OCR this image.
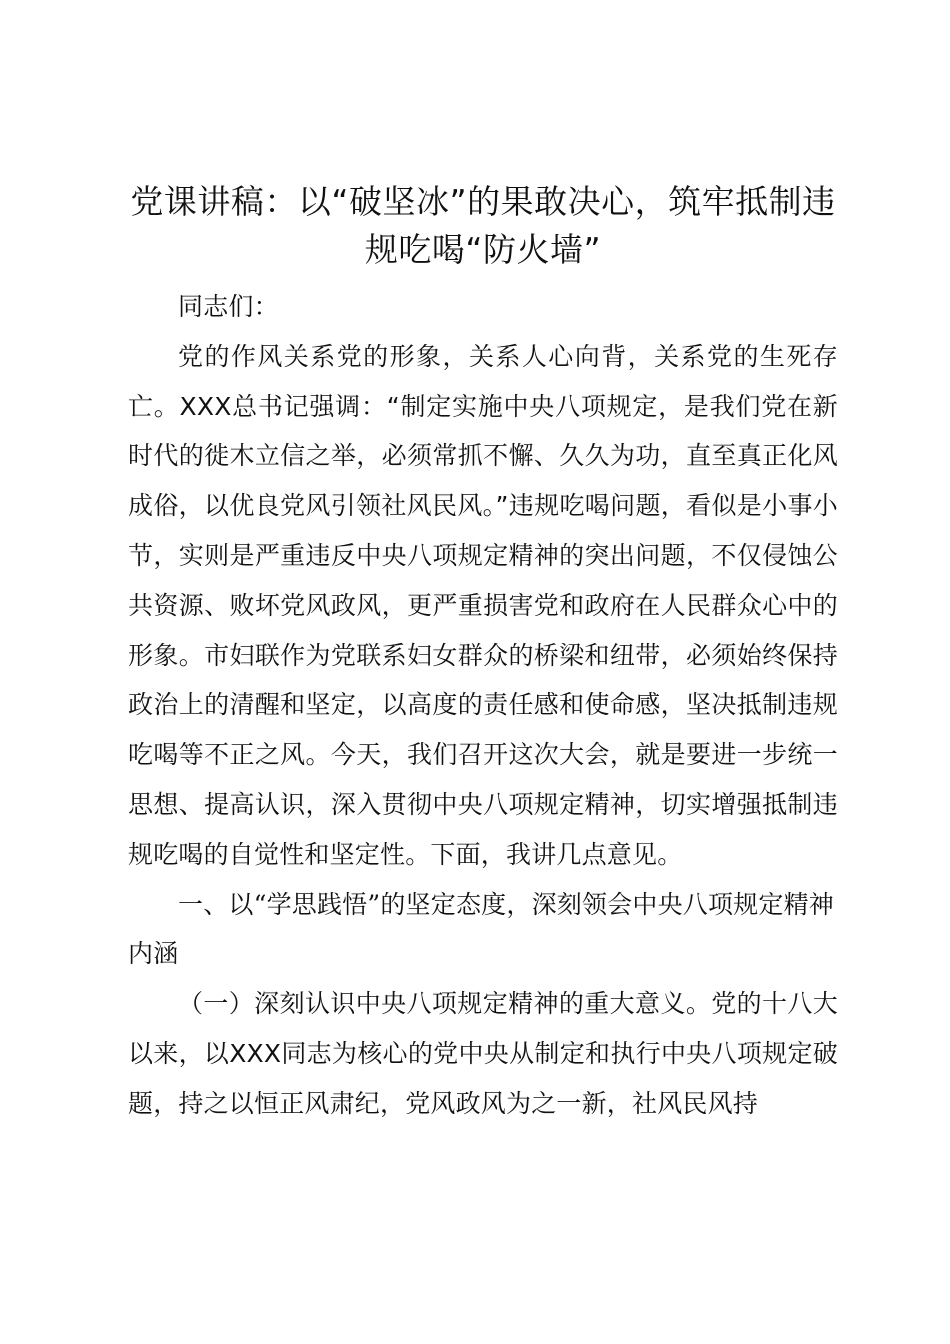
党课讲稿：以“破坚冰”的果敢决心，筑牢抵制违规吃喝“防火墙”

同志们：

党的作风关系党的形象，关系人心向背，关系党的生死存亡。XXX总书记强调：“制定实施中央八项规定，是我们党在新时代的徙木立信之举，必须常抓不懈、久久为功，直至真正化风成俗，以优良党风引领社风民风。”违规吃喝问题，看似是小事小节，实则是严重违反中央八项规定精神的突出问题，不仅侵蚀公共资源、败坏党风政风，更严重损害党和政府在人民群众心中的形象。市妇联作为党联系妇女群众的桥梁和纽带，必须始终保持政治上的清醒和坚定，以高度的责任感和使命感，坚决抵制违规吃喝等不正之风。今天，我们召开这次大会，就是要进一步统一思想、提高认识，深入贯彻中央八项规定精神，切实增强抵制违规吃喝的自觉性和坚定性。下面，我讲几点意见。

一、以“学思践悟”的坚定态度，深刻领会中央八项规定精神内涵

（一）深刻认识中央八项规定精神的重大意义。党的十八大以来，以XXX同志为核心的党中央从制定和执行中央八项规定破题，持之以恒正风肃纪，党风政风为之一新，社风民风持
